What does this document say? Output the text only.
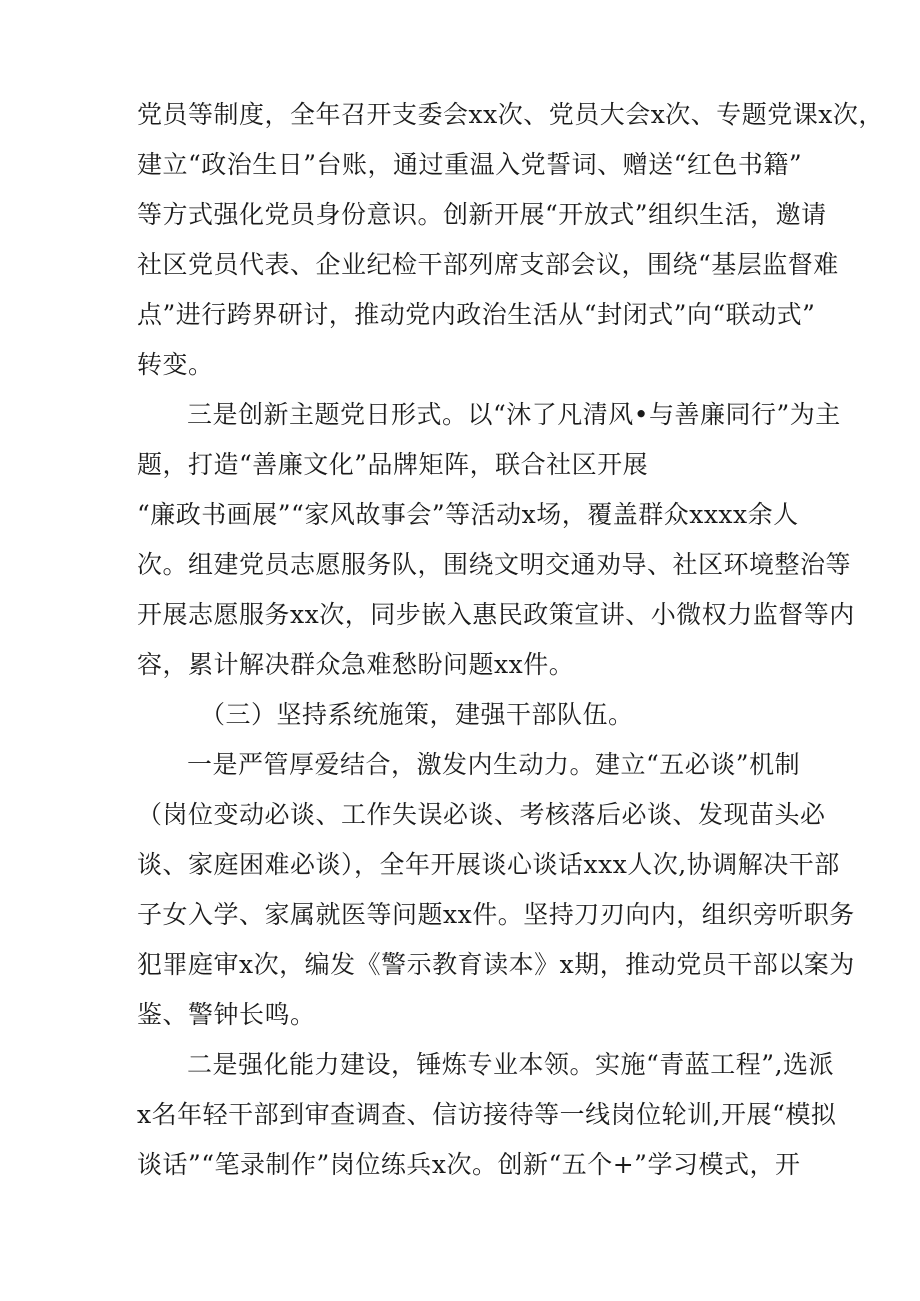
党员等制度，全年召开支委会xx次、党员大会x次、专题党课x次，
建立“政治生日”台账，通过重温入党誓词、赠送“红色书籍”
等方式强化党员身份意识。创新开展“开放式”组织生活，邀请
社区党员代表、企业纪检干部列席支部会议，围绕“基层监督难
点”进行跨界研讨，推动党内政治生活从“封闭式”向“联动式”
转变。
三是创新主题党日形式。以“沐了凡清风•与善廉同行”为主
题，打造“善廉文化”品牌矩阵，联合社区开展
“廉政书画展”“家风故事会”等活动x场，覆盖群众xxxx余人
次。组建党员志愿服务队，围绕文明交通劝导、社区环境整治等
开展志愿服务xx次，同步嵌入惠民政策宣讲、小微权力监督等内
容，累计解决群众急难愁盼问题xx件。
（三）坚持系统施策，建强干部队伍。
一是严管厚爱结合，激发内生动力。建立“五必谈”机制
（岗位变动必谈、工作失误必谈、考核落后必谈、发现苗头必
谈、家庭困难必谈），全年开展谈心谈话xxx人次,协调解决干部
子女入学、家属就医等问题xx件。坚持刀刃向内，组织旁听职务
犯罪庭审x次，编发《警示教育读本》x期，推动党员干部以案为
鉴、警钟长鸣。
二是强化能力建设，锤炼专业本领。实施“青蓝工程”,选派
x名年轻干部到审查调查、信访接待等一线岗位轮训,开展“模拟
谈话”“笔录制作”岗位练兵x次。创新“五个+”学习模式，开
